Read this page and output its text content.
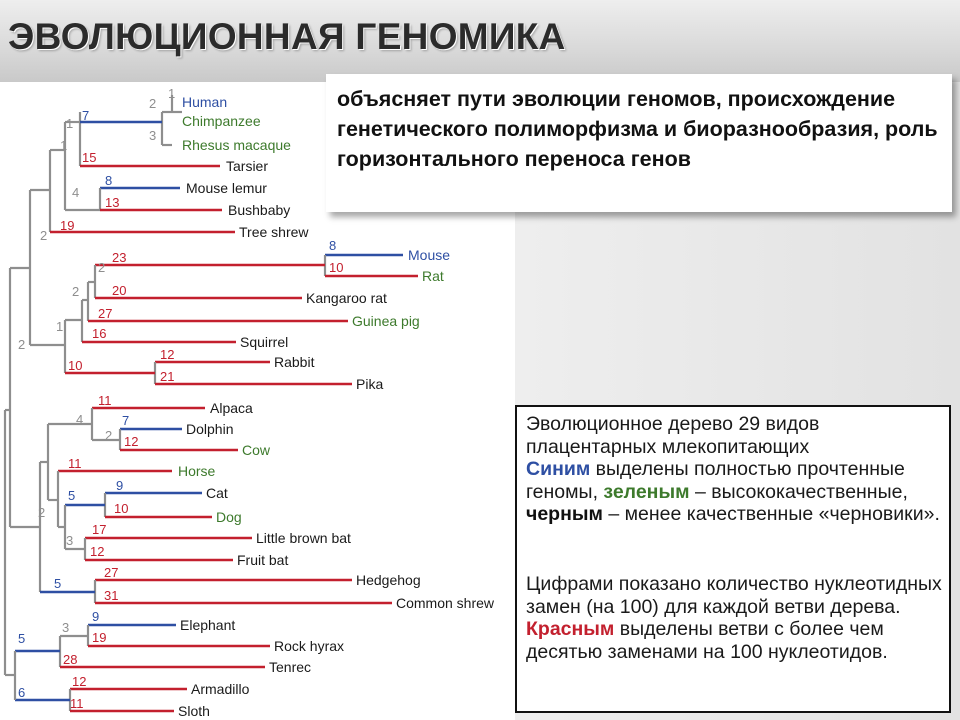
ЭВОЛЮЦИОННАЯ ГЕНОМИКА
Human
Chimpanzee
Rhesus macaque
Tarsier
Mouse lemur
Bushbaby
Tree shrew
Mouse
Rat
Kangaroo rat
Guinea pig
Squirrel
Rabbit
Pika
Alpaca
Dolphin
Cow
Horse
Cat
Dog
Little brown bat
Fruit bat
Hedgehog
Common shrew
Elephant
Rock hyrax
Tenrec
Armadillo
Sloth
2
1
3
7
1
15
1
8
4
13
19
2
8
10
23
2
20
2
27
16
1
12
10
21
2
11
4	7
2 12
11
9
5
10
17
3
12
2
27
5
31
9
3
19
5
28
12
6
11
объясняет пути эволюции геномов, происхождение генетического полиморфизма и биоразнообразия, роль горизонтального переноса генов
Эволюционное дерево 29 видов плацентарных млекопитающих
Синим выделены полностью прочтенные геномы, зеленым – высококачественные, черным – менее качественные «черновики».
Цифрами показано количество нуклеотидных замен (на 100) для каждой ветви дерева.
Красным выделены ветви с более чем десятью заменами на 100 нуклеотидов.
